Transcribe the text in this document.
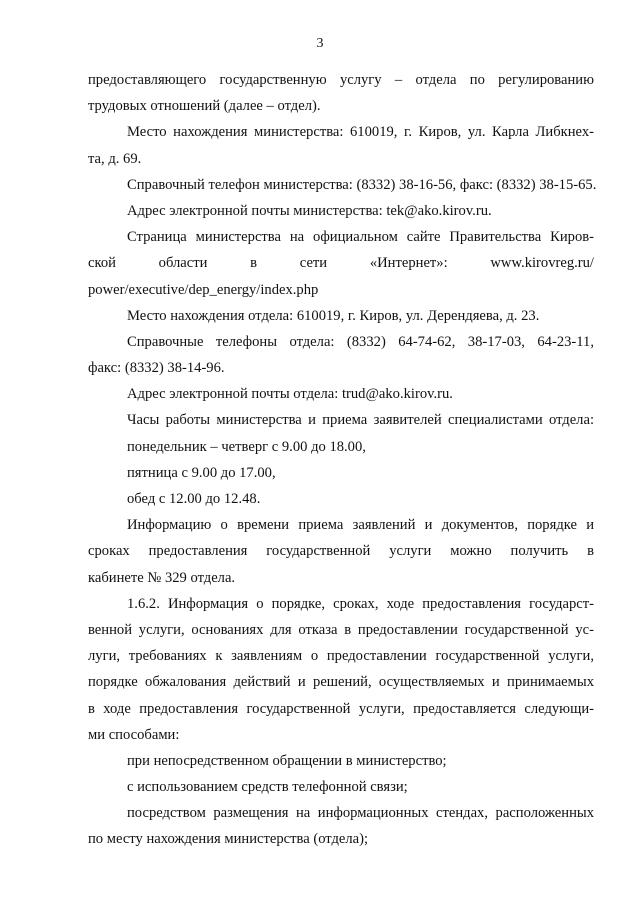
3
предоставляющего государственную услугу – отдела по регулированию
трудовых отношений (далее – отдел).
Место нахождения министерства: 610019, г. Киров, ул. Карла Либкнех-
та, д. 69.
Справочный телефон министерства: (8332) 38-16-56, факс: (8332) 38-15-65.
Адрес электронной почты министерства: tek@ako.kirov.ru.
Страница министерства на официальном сайте Правительства Киров-
ской области в сети «Интернет»: www.kirovreg.ru/
power/executive/dep_energy/index.php
Место нахождения отдела: 610019, г. Киров, ул. Дерендяева, д. 23.
Справочные телефоны отдела: (8332) 64-74-62, 38-17-03, 64-23-11,
факс: (8332) 38-14-96.
Адрес электронной почты отдела: trud@ako.kirov.ru.
Часы работы министерства и приема заявителей специалистами отдела:
понедельник – четверг с 9.00 до 18.00,
пятница с 9.00 до 17.00,
обед с 12.00 до 12.48.
Информацию о времени приема заявлений и документов, порядке и
сроках предоставления государственной услуги можно получить в
кабинете № 329 отдела.
1.6.2. Информация о порядке, сроках, ходе предоставления государст-
венной услуги, основаниях для отказа в предоставлении государственной ус-
луги, требованиях к заявлениям о предоставлении государственной услуги,
порядке обжалования действий и решений, осуществляемых и принимаемых
в ходе предоставления государственной услуги, предоставляется следующи-
ми способами:
при непосредственном обращении в министерство;
с использованием средств телефонной связи;
посредством размещения на информационных стендах, расположенных
по месту нахождения министерства (отдела);
